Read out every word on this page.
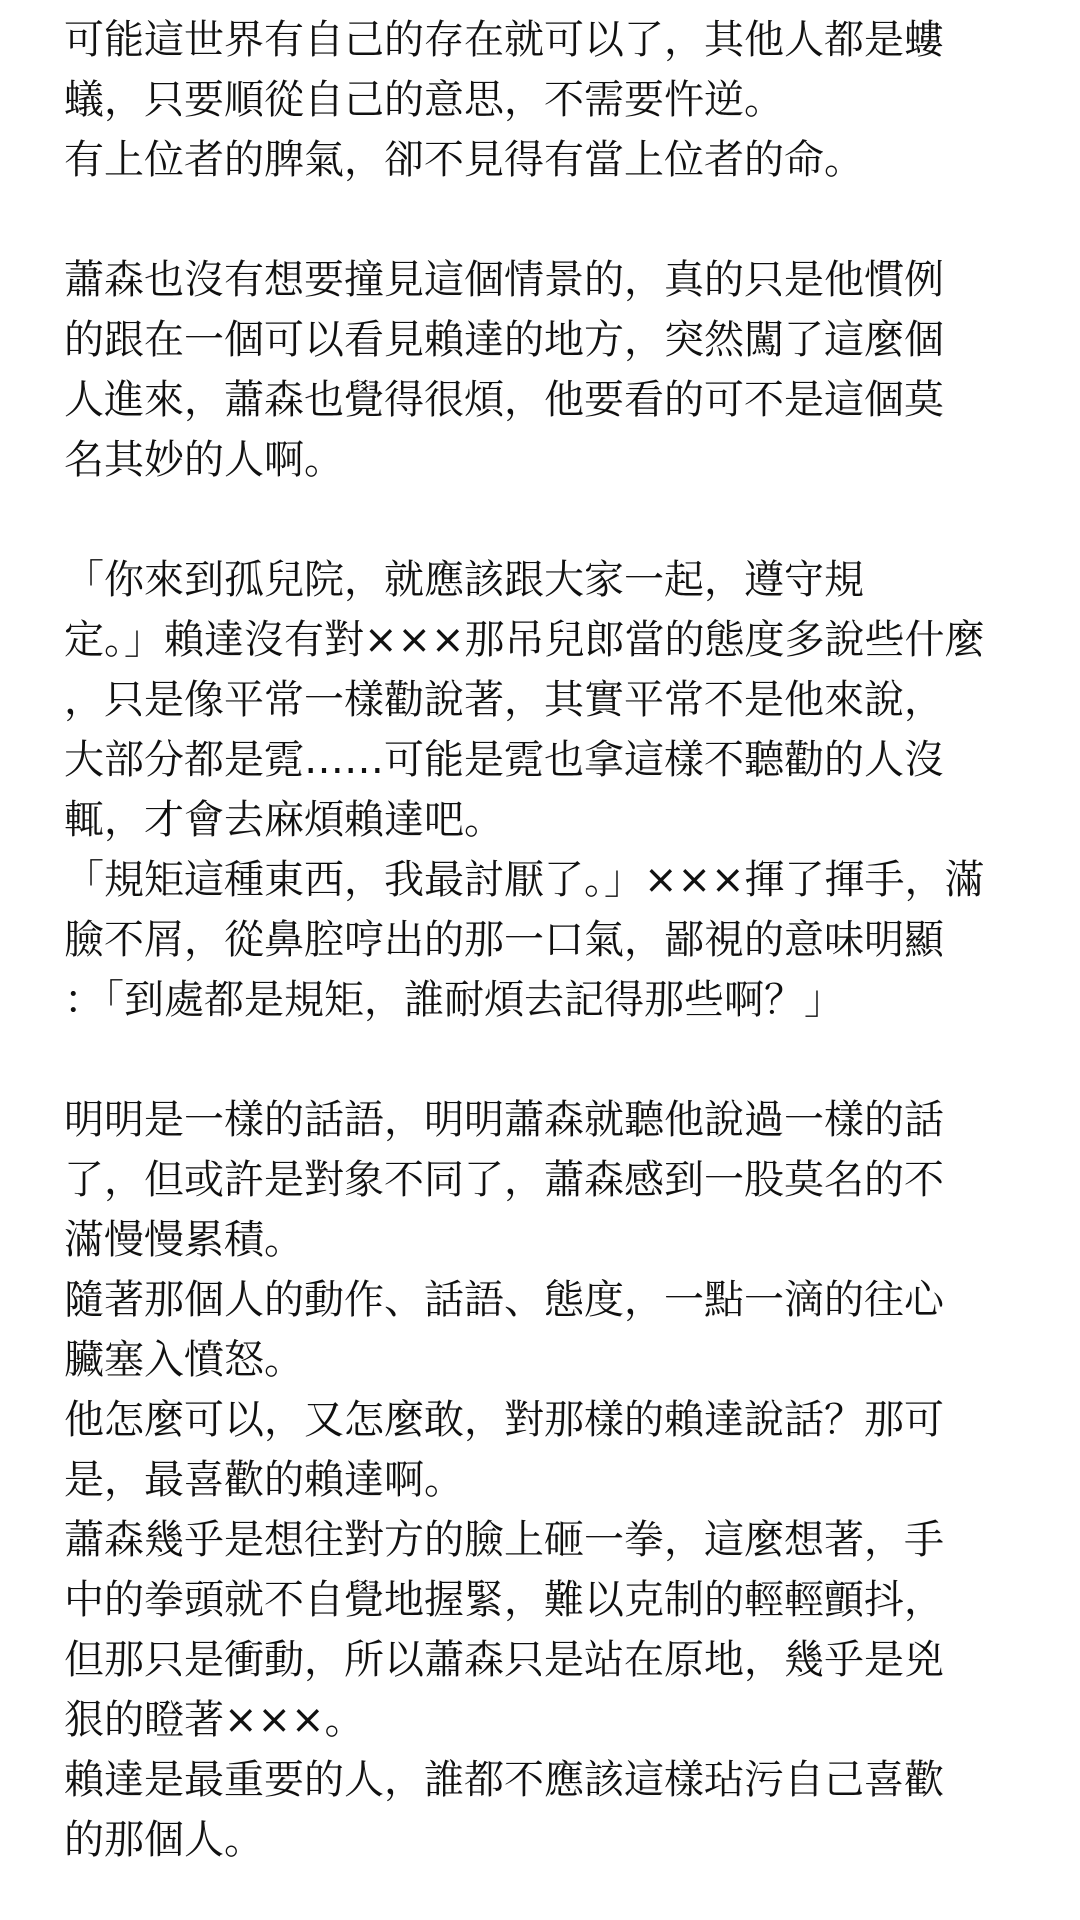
可能這世界有自己的存在就可以了，其他人都是螻
蟻，只要順從自己的意思，不需要忤逆。
有上位者的脾氣，卻不見得有當上位者的命。
蕭森也沒有想要撞見這個情景的，真的只是他慣例
的跟在一個可以看見賴達的地方，突然闖了這麼個
人進來，蕭森也覺得很煩，他要看的可不是這個莫
名其妙的人啊。
「你來到孤兒院，就應該跟大家一起，遵守規
定。」賴達沒有對×××那吊兒郎當的態度多說些什麼
，只是像平常一樣勸說著，其實平常不是他來說，
大部分都是霓……可能是霓也拿這樣不聽勸的人沒
輒，才會去麻煩賴達吧。
「規矩這種東西，我最討厭了。」×××揮了揮手，滿
臉不屑，從鼻腔哼出的那一口氣，鄙視的意味明顯
：「到處都是規矩，誰耐煩去記得那些啊？」
明明是一樣的話語，明明蕭森就聽他說過一樣的話
了，但或許是對象不同了，蕭森感到一股莫名的不
滿慢慢累積。
隨著那個人的動作、話語、態度，一點一滴的往心
臟塞入憤怒。
他怎麼可以，又怎麼敢，對那樣的賴達說話？那可
是，最喜歡的賴達啊。
蕭森幾乎是想往對方的臉上砸一拳，這麼想著，手
中的拳頭就不自覺地握緊，難以克制的輕輕顫抖，
但那只是衝動，所以蕭森只是站在原地，幾乎是兇
狠的瞪著×××。
賴達是最重要的人，誰都不應該這樣玷污自己喜歡
的那個人。
